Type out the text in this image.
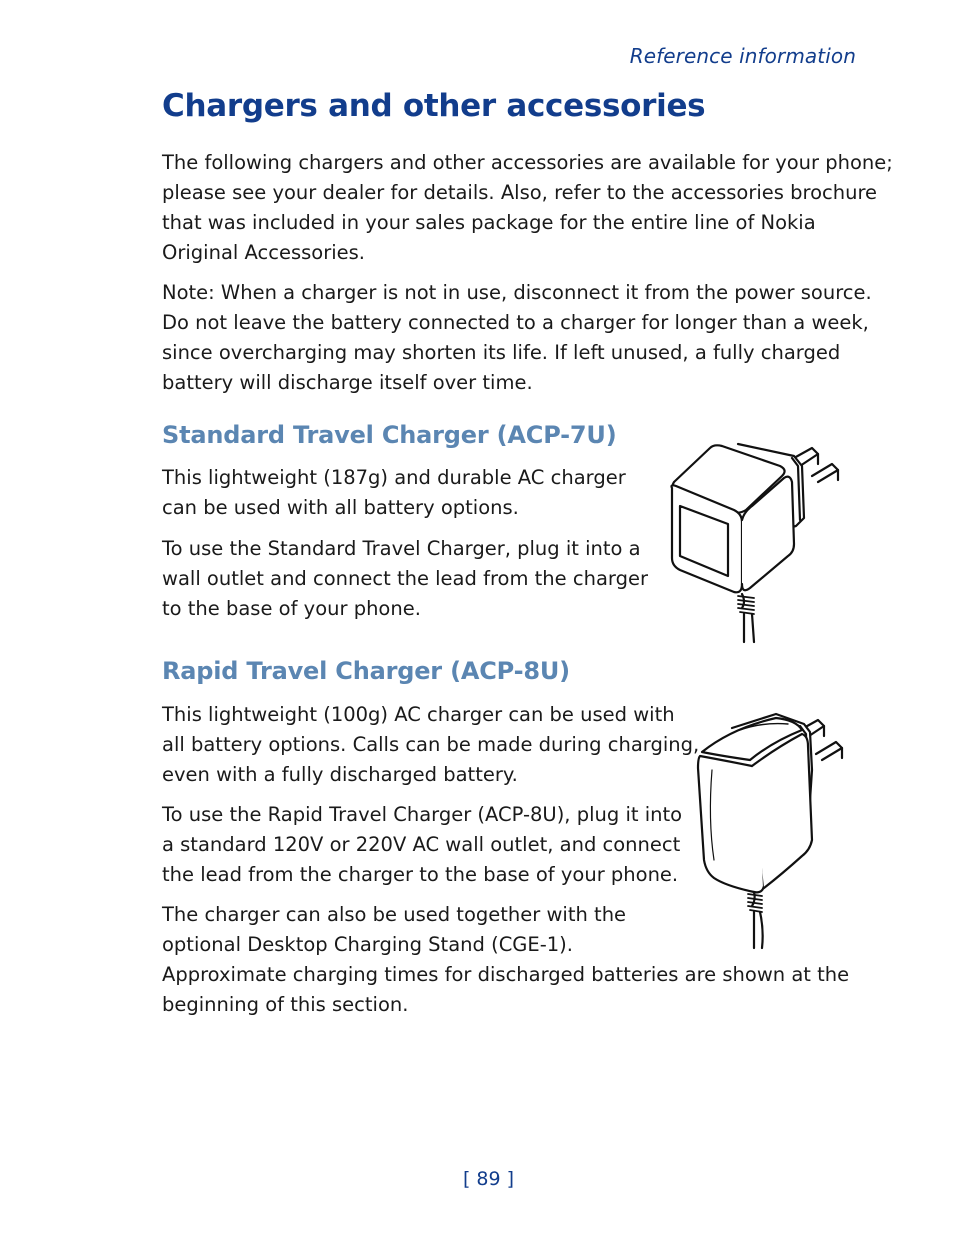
Reference information
Chargers and other accessories

The following chargers and other accessories are available for your phone;
please see your dealer for details. Also, refer to the accessories brochure
that was included in your sales package for the entire line of Nokia
Original Accessories.

Note: When a charger is not in use, disconnect it from the power source.
Do not leave the battery connected to a charger for longer than a week,
since overcharging may shorten its life. If left unused, a fully charged
battery will discharge itself over time.

Standard Travel Charger (ACP-7U)

This lightweight (187g) and durable AC charger
can be used with all battery options.

To use the Standard Travel Charger, plug it into a
wall outlet and connect the lead from the charger
to the base of your phone.

Rapid Travel Charger (ACP-8U)

This lightweight (100g) AC charger can be used with
all battery options. Calls can be made during charging,
even with a fully discharged battery.

To use the Rapid Travel Charger (ACP-8U), plug it into
a standard 120V or 220V AC wall outlet, and connect
the lead from the charger to the base of your phone.

The charger can also be used together with the
optional Desktop Charging Stand (CGE-1).
Approximate charging times for discharged batteries are shown at the
beginning of this section.

[ 89 ]
